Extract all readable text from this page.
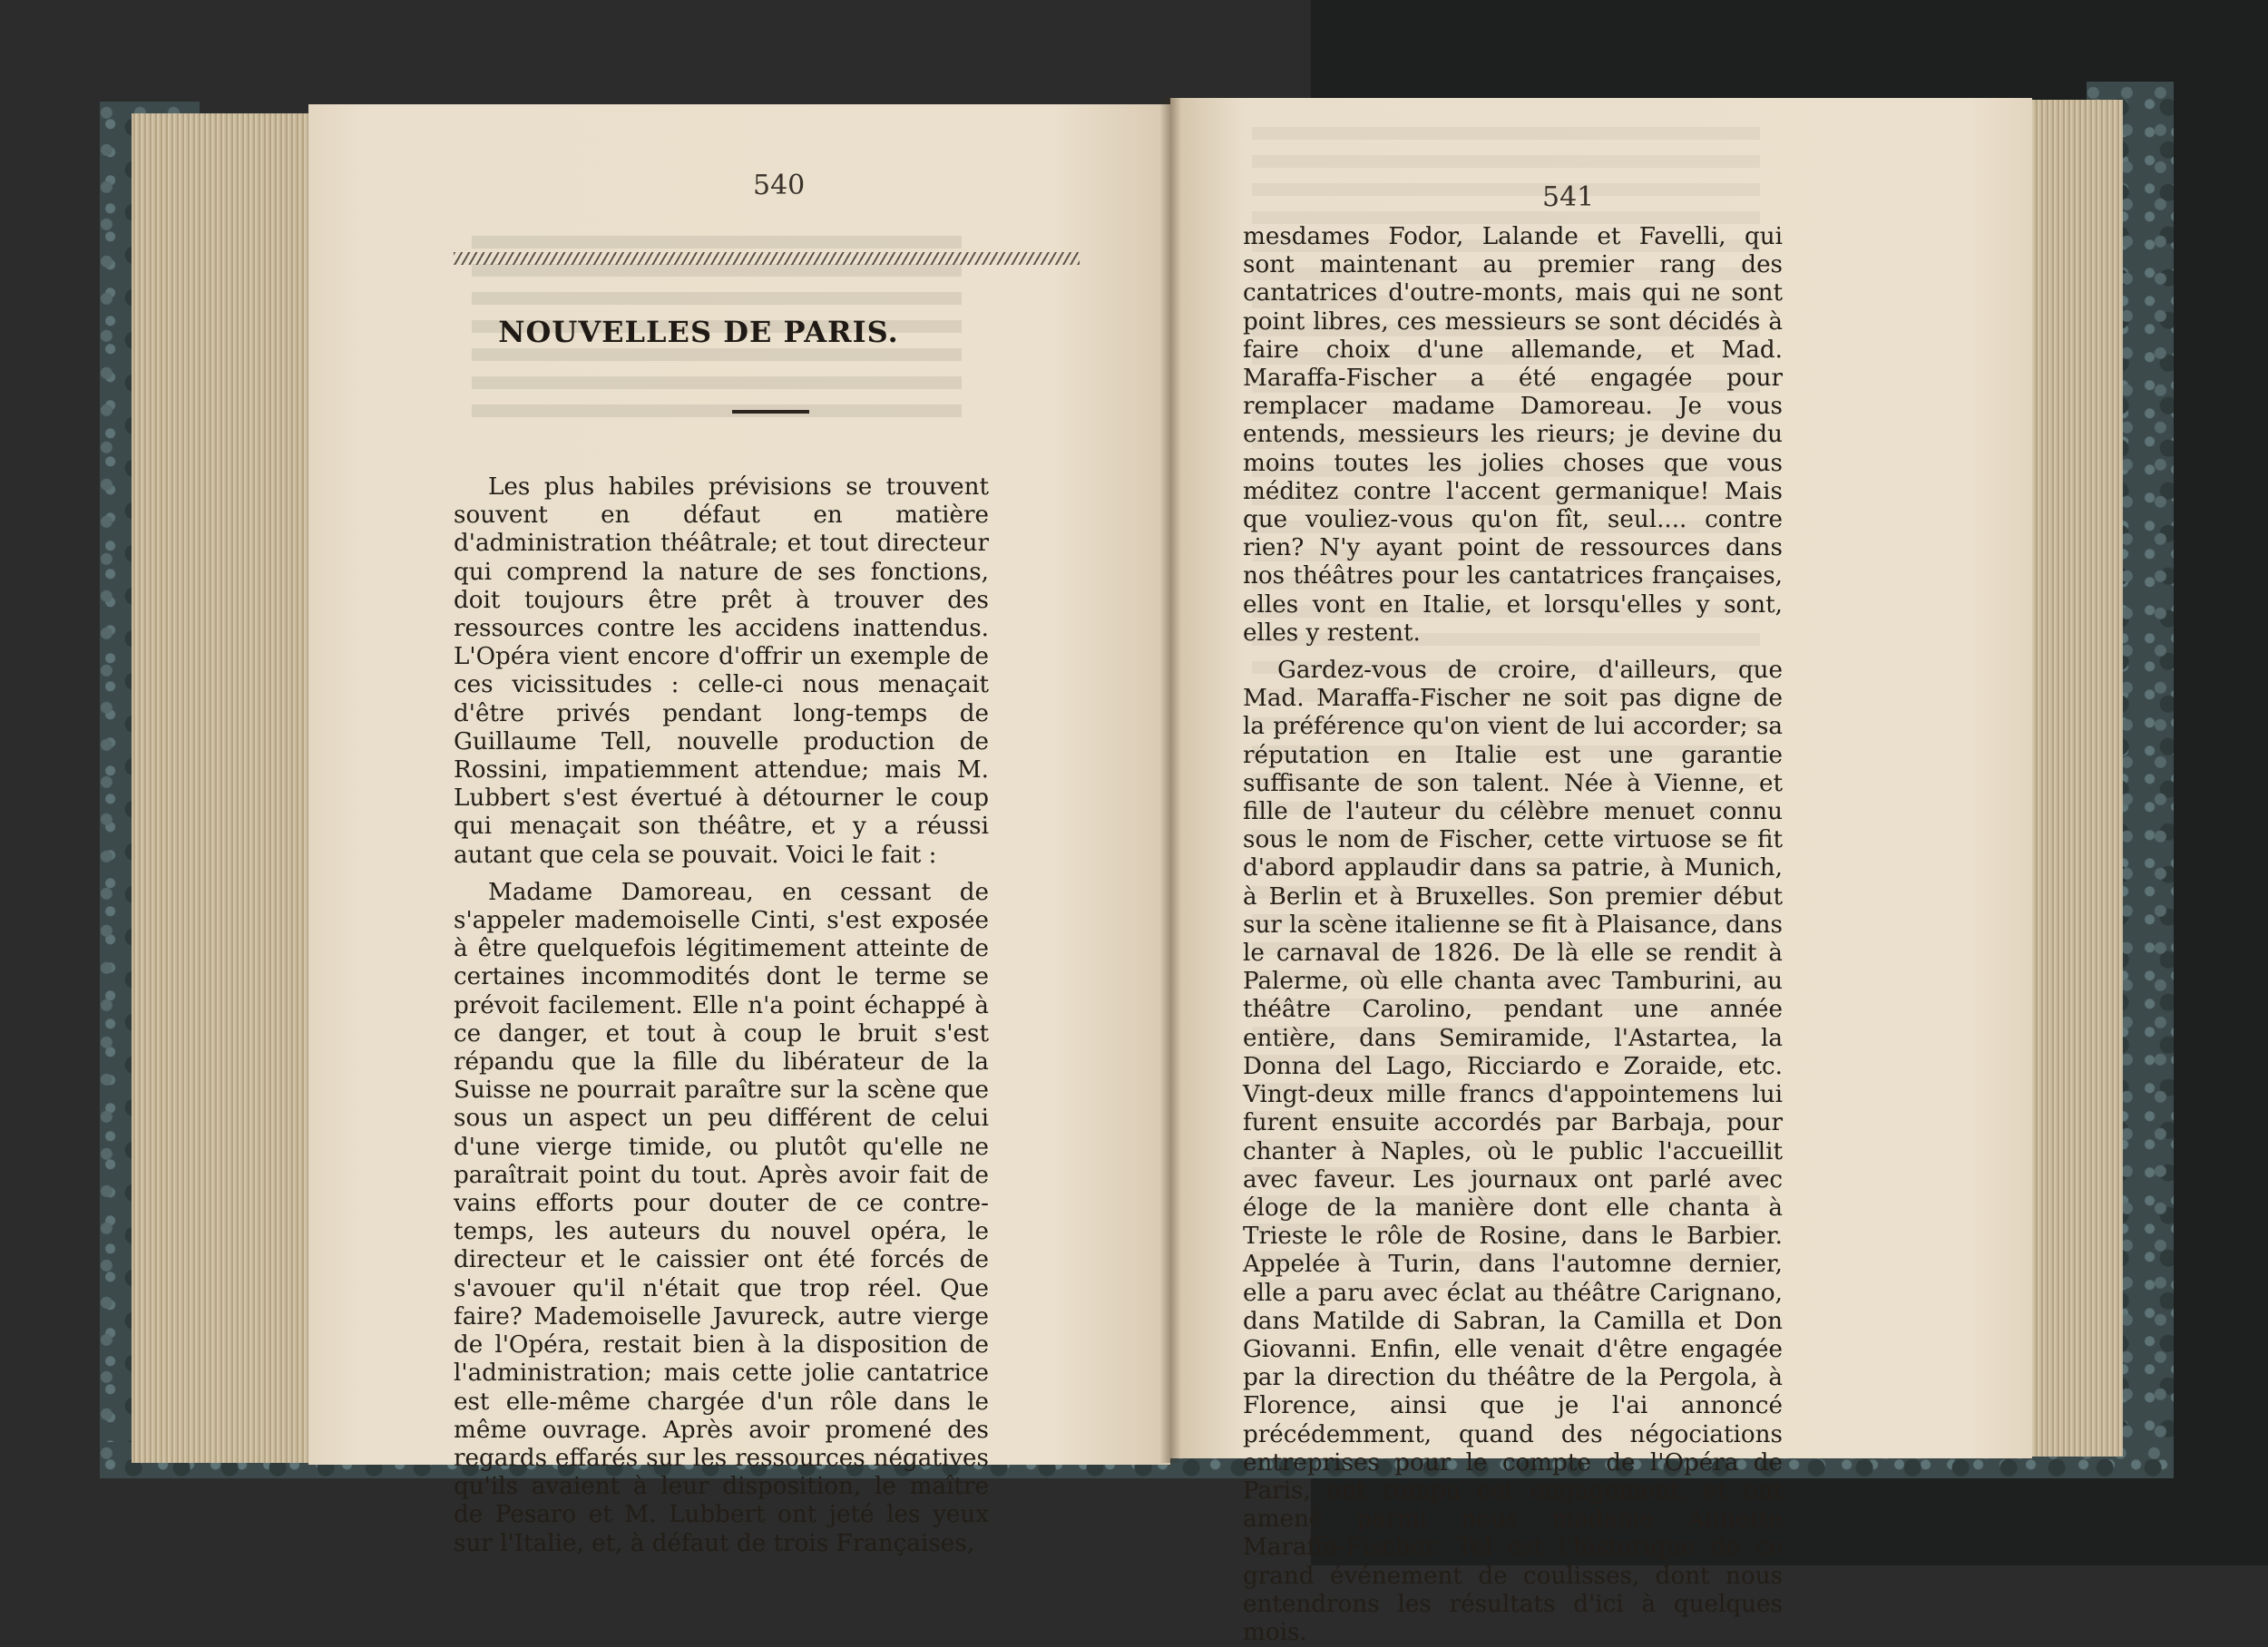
540
NOUVELLES DE PARIS.

Les plus habiles prévisions se trouvent souvent en défaut en matière d'administration théâtrale; et tout directeur qui comprend la nature de ses fonctions, doit toujours être prêt à trouver des ressources contre les accidens inattendus. L'Opéra vient encore d'offrir un exemple de ces vicissitudes : celle-ci nous menaçait d'être privés pendant long-temps de Guillaume Tell, nouvelle production de Rossini, impatiemment attendue; mais M. Lubbert s'est évertué à détourner le coup qui menaçait son théâtre, et y a réussi autant que cela se pouvait. Voici le fait :

Madame Damoreau, en cessant de s'appeler mademoiselle Cinti, s'est exposée à être quelquefois légitimement atteinte de certaines incommodités dont le terme se prévoit facilement. Elle n'a point échappé à ce danger, et tout à coup le bruit s'est répandu que la fille du libérateur de la Suisse ne pourrait paraître sur la scène que sous un aspect un peu différent de celui d'une vierge timide, ou plutôt qu'elle ne paraîtrait point du tout. Après avoir fait de vains efforts pour douter de ce contre-temps, les auteurs du nouvel opéra, le directeur et le caissier ont été forcés de s'avouer qu'il n'était que trop réel. Que faire? Mademoiselle Javureck, autre vierge de l'Opéra, restait bien à la disposition de l'administration; mais cette jolie cantatrice est elle-même chargée d'un rôle dans le même ouvrage. Après avoir promené des regards effarés sur les ressources négatives qu'ils avaient à leur disposition, le maître de Pesaro et M. Lubbert ont jeté les yeux sur l'Italie, et, à défaut de trois Françaises,

541

mesdames Fodor, Lalande et Favelli, qui sont maintenant au premier rang des cantatrices d'outre-monts, mais qui ne sont point libres, ces messieurs se sont décidés à faire choix d'une allemande, et Mad. Maraffa-Fischer a été engagée pour remplacer madame Damoreau. Je vous entends, messieurs les rieurs; je devine du moins toutes les jolies choses que vous méditez contre l'accent germanique! Mais que vouliez-vous qu'on fît, seul.... contre rien? N'y ayant point de ressources dans nos théâtres pour les cantatrices françaises, elles vont en Italie, et lorsqu'elles y sont, elles y restent.

Gardez-vous de croire, d'ailleurs, que Mad. Maraffa-Fischer ne soit pas digne de la préférence qu'on vient de lui accorder; sa réputation en Italie est une garantie suffisante de son talent. Née à Vienne, et fille de l'auteur du célèbre menuet connu sous le nom de Fischer, cette virtuose se fit d'abord applaudir dans sa patrie, à Munich, à Berlin et à Bruxelles. Son premier début sur la scène italienne se fit à Plaisance, dans le carnaval de 1826. De là elle se rendit à Palerme, où elle chanta avec Tamburini, au théâtre Carolino, pendant une année entière, dans Semiramide, l'Astartea, la Donna del Lago, Ricciardo e Zoraide, etc. Vingt-deux mille francs d'appointemens lui furent ensuite accordés par Barbaja, pour chanter à Naples, où le public l'accueillit avec faveur. Les journaux ont parlé avec éloge de la manière dont elle chanta à Trieste le rôle de Rosine, dans le Barbier. Appelée à Turin, dans l'automne dernier, elle a paru avec éclat au théâtre Carignano, dans Matilde di Sabran, la Camilla et Don Giovanni. Enfin, elle venait d'être engagée par la direction du théâtre de la Pergola, à Florence, ainsi que je l'ai annoncé précédemment, quand des négociations entreprises pour le compte de l'Opéra de Paris, ont rompu cet engagement, et ont amené parmi nous madame Annette Maraffa-Fischer. Tel est l'historique de ce grand événement de coulisses, dont nous entendrons les résultats d'ici à quelques mois.
